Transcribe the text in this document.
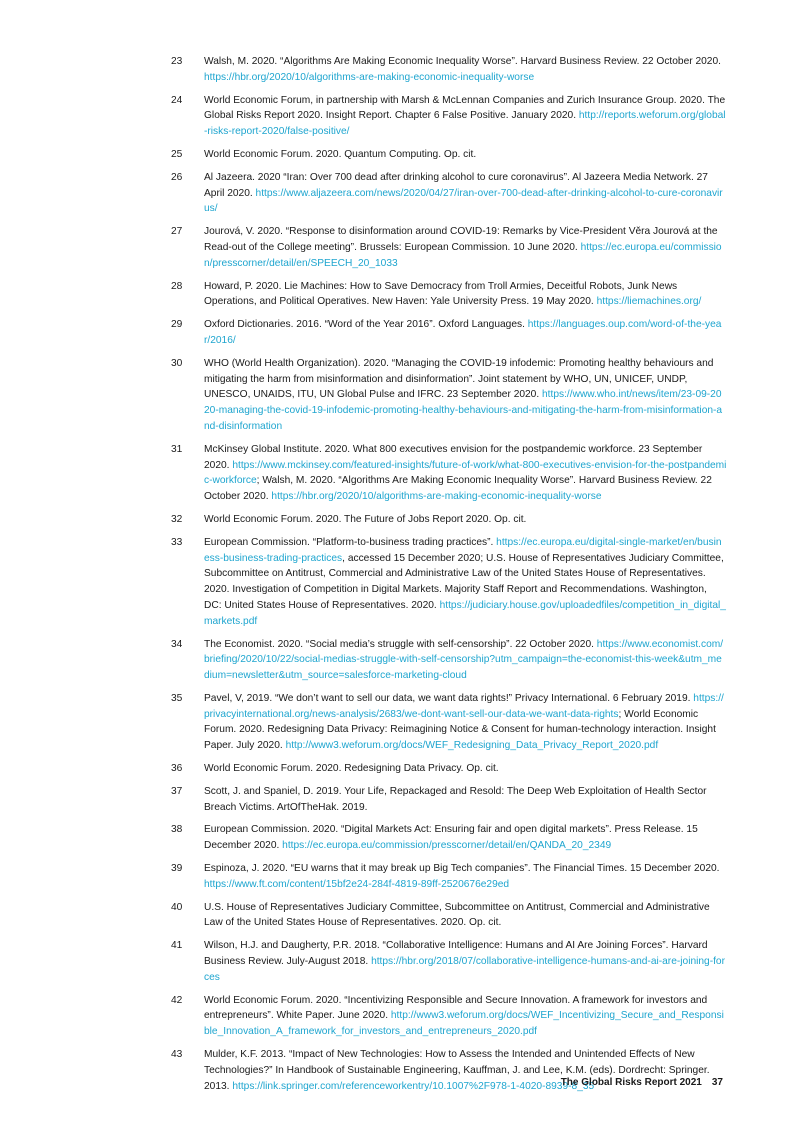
23	Walsh, M. 2020. “Algorithms Are Making Economic Inequality Worse”. Harvard Business Review. 22 October 2020. https://hbr.org/2020/10/algorithms-are-making-economic-inequality-worse
24	World Economic Forum, in partnership with Marsh & McLennan Companies and Zurich Insurance Group. 2020. The Global Risks Report 2020. Insight Report. Chapter 6 False Positive. January 2020. http://reports.weforum.org/global-risks-report-2020/false-positive/
25	World Economic Forum. 2020. Quantum Computing. Op. cit.
26	Al Jazeera. 2020 “Iran: Over 700 dead after drinking alcohol to cure coronavirus”. Al Jazeera Media Network. 27 April 2020. https://www.aljazeera.com/news/2020/04/27/iran-over-700-dead-after-drinking-alcohol-to-cure-coronavirus/
27	Jourová, V. 2020. “Response to disinformation around COVID-19: Remarks by Vice-President Věra Jourová at the Read-out of the College meeting”. Brussels: European Commission. 10 June 2020. https://ec.europa.eu/commission/presscorner/detail/en/SPEECH_20_1033
28	Howard, P. 2020. Lie Machines: How to Save Democracy from Troll Armies, Deceitful Robots, Junk News Operations, and Political Operatives. New Haven: Yale University Press. 19 May 2020. https://liemachines.org/
29	Oxford Dictionaries. 2016. “Word of the Year 2016”. Oxford Languages. https://languages.oup.com/word-of-the-year/2016/
30	WHO (World Health Organization). 2020. “Managing the COVID-19 infodemic: Promoting healthy behaviours and mitigating the harm from misinformation and disinformation”. Joint statement by WHO, UN, UNICEF, UNDP, UNESCO, UNAIDS, ITU, UN Global Pulse and IFRC. 23 September 2020. https://www.who.int/news/item/23-09-2020-managing-the-covid-19-infodemic-promoting-healthy-behaviours-and-mitigating-the-harm-from-misinformation-and-disinformation
31	McKinsey Global Institute. 2020. What 800 executives envision for the postpandemic workforce. 23 September 2020. https://www.mckinsey.com/featured-insights/future-of-work/what-800-executives-envision-for-the-postpandemic-workforce; Walsh, M. 2020. “Algorithms Are Making Economic Inequality Worse”. Harvard Business Review. 22 October 2020. https://hbr.org/2020/10/algorithms-are-making-economic-inequality-worse
32	World Economic Forum. 2020. The Future of Jobs Report 2020. Op. cit.
33	European Commission. “Platform-to-business trading practices”. https://ec.europa.eu/digital-single-market/en/business-business-trading-practices, accessed 15 December 2020; U.S. House of Representatives Judiciary Committee, Subcommittee on Antitrust, Commercial and Administrative Law of the United States House of Representatives. 2020. Investigation of Competition in Digital Markets. Majority Staff Report and Recommendations. Washington, DC: United States House of Representatives. 2020. https://judiciary.house.gov/uploadedfiles/competition_in_digital_markets.pdf
34	The Economist. 2020. “Social media’s struggle with self-censorship”. 22 October 2020. https://www.economist.com/briefing/2020/10/22/social-medias-struggle-with-self-censorship?utm_campaign=the-economist-this-week&utm_medium=newsletter&utm_source=salesforce-marketing-cloud
35	Pavel, V, 2019. “We don’t want to sell our data, we want data rights!” Privacy International. 6 February 2019. https://privacyinternational.org/news-analysis/2683/we-dont-want-sell-our-data-we-want-data-rights; World Economic Forum. 2020. Redesigning Data Privacy: Reimagining Notice & Consent for human-technology interaction. Insight Paper. July 2020. http://www3.weforum.org/docs/WEF_Redesigning_Data_Privacy_Report_2020.pdf
36	World Economic Forum. 2020. Redesigning Data Privacy. Op. cit.
37	Scott, J. and Spaniel, D. 2019. Your Life, Repackaged and Resold: The Deep Web Exploitation of Health Sector Breach Victims. ArtOfTheHak. 2019.
38	European Commission. 2020. “Digital Markets Act: Ensuring fair and open digital markets”. Press Release. 15 December 2020. https://ec.europa.eu/commission/presscorner/detail/en/QANDA_20_2349
39	Espinoza, J. 2020. “EU warns that it may break up Big Tech companies”. The Financial Times. 15 December 2020. https://www.ft.com/content/15bf2e24-284f-4819-89ff-2520676e29ed
40	U.S. House of Representatives Judiciary Committee, Subcommittee on Antitrust, Commercial and Administrative Law of the United States House of Representatives. 2020. Op. cit.
41	Wilson, H.J. and Daugherty, P.R. 2018. “Collaborative Intelligence: Humans and AI Are Joining Forces”. Harvard Business Review. July-August 2018. https://hbr.org/2018/07/collaborative-intelligence-humans-and-ai-are-joining-forces
42	World Economic Forum. 2020. “Incentivizing Responsible and Secure Innovation. A framework for investors and entrepreneurs”. White Paper. June 2020. http://www3.weforum.org/docs/WEF_Incentivizing_Secure_and_Responsible_Innovation_A_framework_for_investors_and_entrepreneurs_2020.pdf
43	Mulder, K.F. 2013. “Impact of New Technologies: How to Assess the Intended and Unintended Effects of New Technologies?” In Handbook of Sustainable Engineering, Kauffman, J. and Lee, K.M. (eds). Dordrecht: Springer. 2013. https://link.springer.com/referenceworkentry/10.1007%2F978-1-4020-8939-8_35
The Global Risks Report 2021 37
